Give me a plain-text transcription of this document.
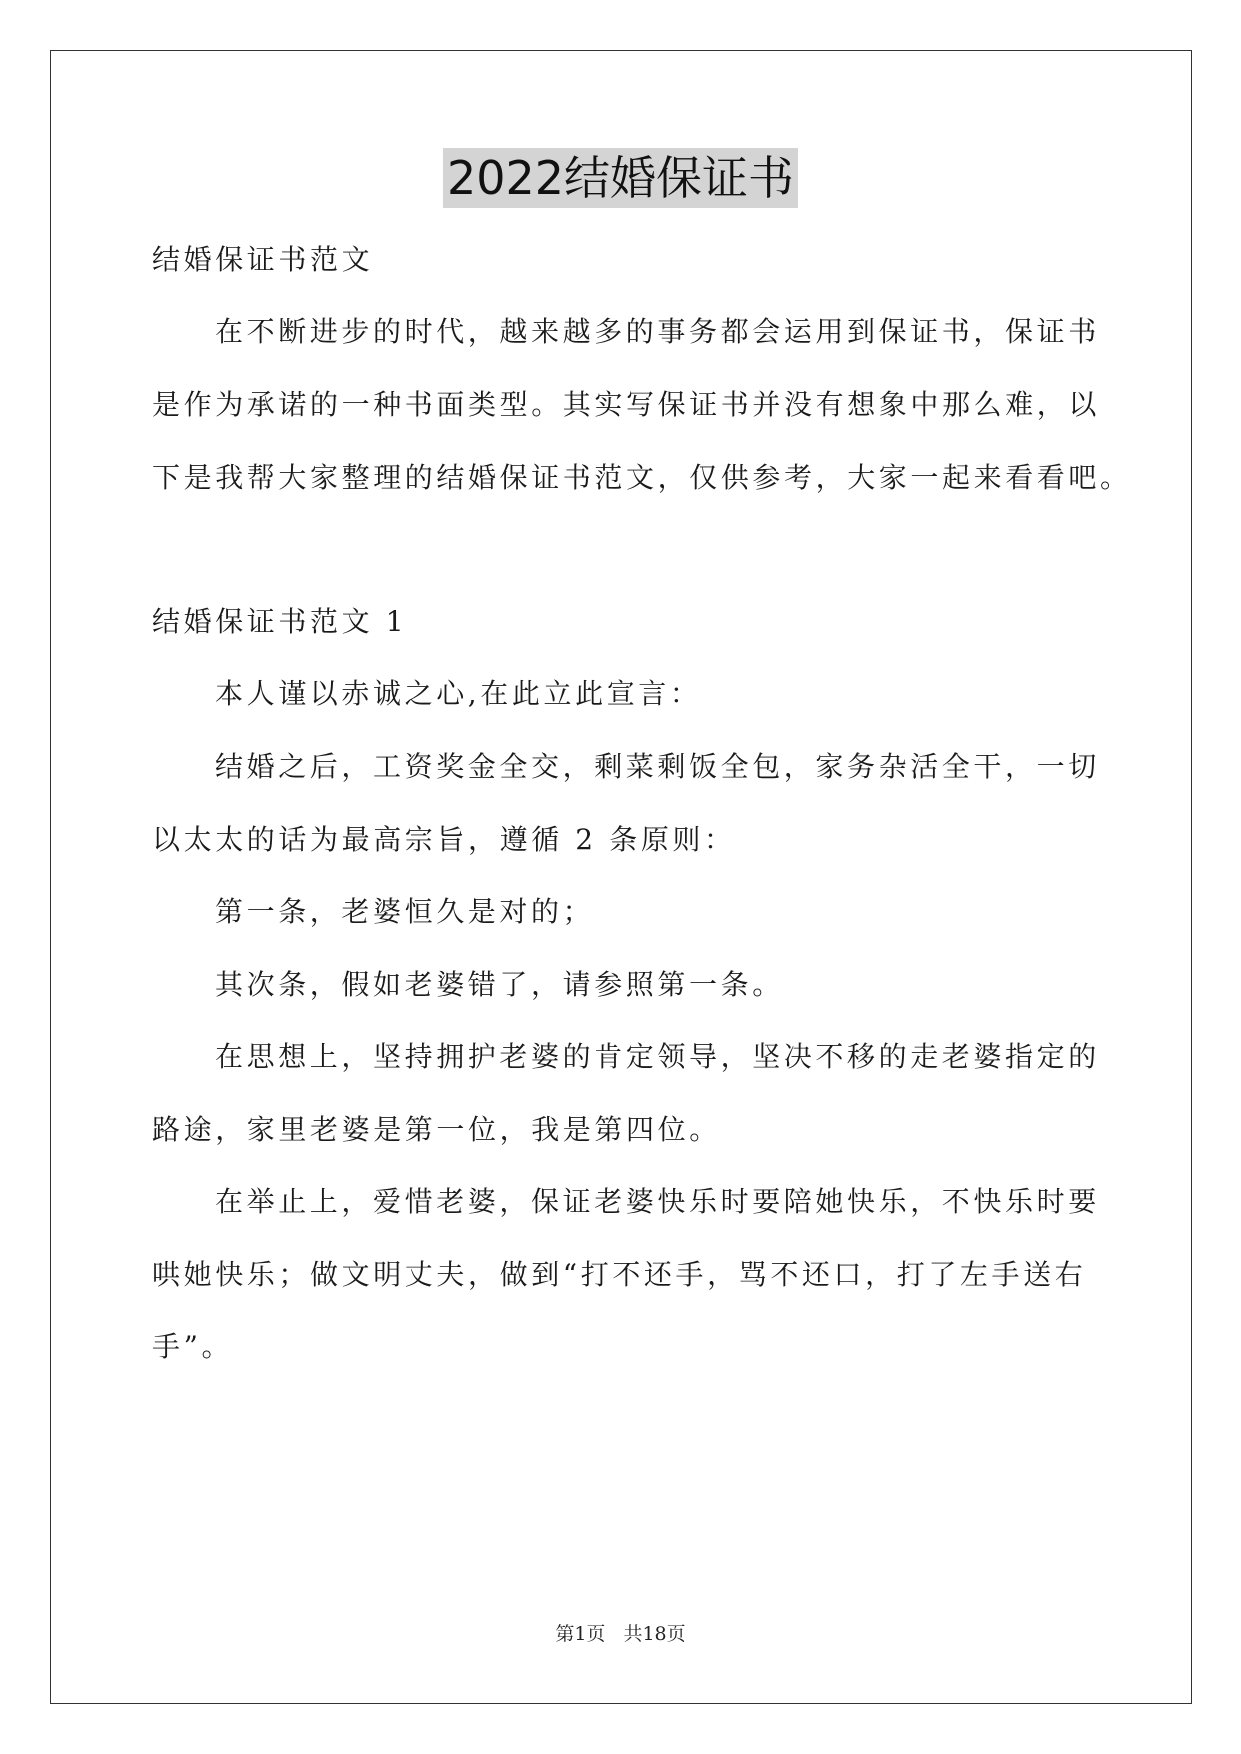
2022结婚保证书
结婚保证书范文
在不断进步的时代，越来越多的事务都会运用到保证书，保证书
是作为承诺的一种书面类型。其实写保证书并没有想象中那么难，以
下是我帮大家整理的结婚保证书范文，仅供参考，大家一起来看看吧。
结婚保证书范文 1
本人谨以赤诚之心,在此立此宣言：
结婚之后，工资奖金全交，剩菜剩饭全包，家务杂活全干，一切
以太太的话为最高宗旨，遵循 2 条原则：
第一条，老婆恒久是对的；
其次条，假如老婆错了，请参照第一条。
在思想上，坚持拥护老婆的肯定领导，坚决不移的走老婆指定的
路途，家里老婆是第一位，我是第四位。
在举止上，爱惜老婆，保证老婆快乐时要陪她快乐，不快乐时要
哄她快乐；做文明丈夫，做到“打不还手，骂不还口，打了左手送右
手”。
第1页 共18页
